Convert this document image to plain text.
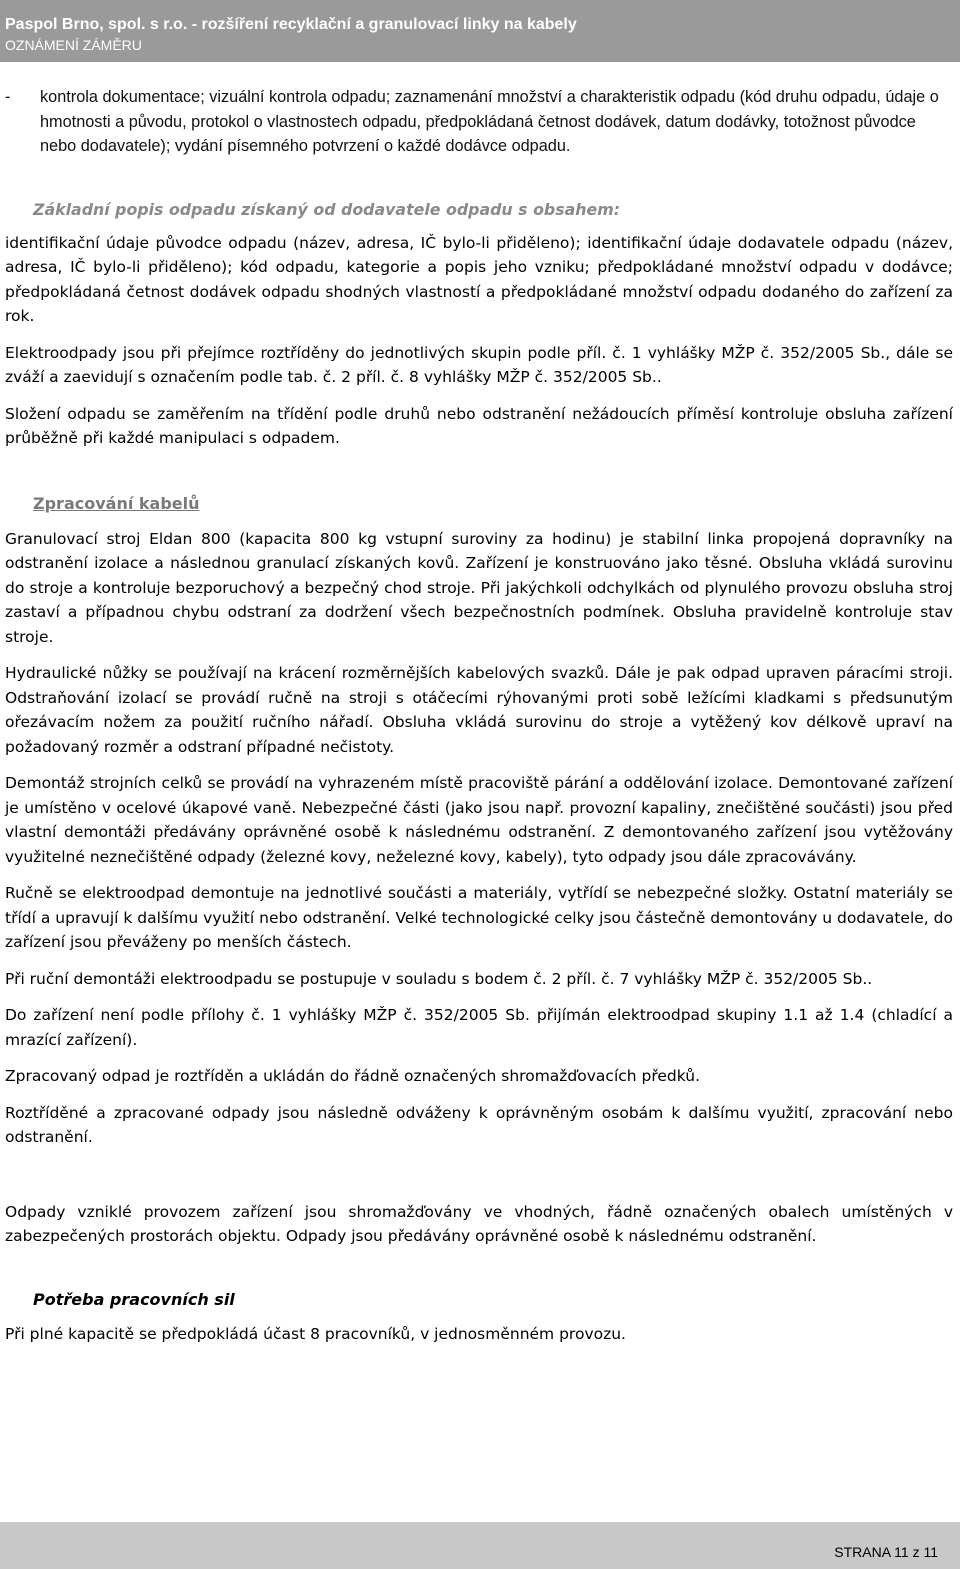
Paspol Brno, spol. s r.o. - rozšíření recyklační a granulovací linky na kabely
OZNÁMENÍ ZÁMĚRU
-	kontrola dokumentace; vizuální kontrola odpadu; zaznamenání množství a charakteristik odpadu (kód druhu odpadu, údaje o hmotnosti a původu, protokol o vlastnostech odpadu, předpokládaná četnost dodávek, datum dodávky, totožnost původce nebo dodavatele); vydání písemného potvrzení o každé dodávce odpadu.

Základní popis odpadu získaný od dodavatele odpadu s obsahem:

identifikační údaje původce odpadu (název, adresa, IČ bylo-li přiděleno); identifikační údaje dodavatele odpadu (název, adresa, IČ bylo-li přiděleno); kód odpadu, kategorie a popis jeho vzniku; předpokládané množství odpadu v dodávce; předpokládaná četnost dodávek odpadu shodných vlastností a předpokládané množství odpadu dodaného do zařízení za rok.

Elektroodpady jsou při přejímce roztříděny do jednotlivých skupin podle příl. č. 1 vyhlášky MŽP č. 352/2005 Sb., dále se zváží a zaevidují s označením podle tab. č. 2 příl. č. 8 vyhlášky MŽP č. 352/2005 Sb..

Složení odpadu se zaměřením na třídění podle druhů nebo odstranění nežádoucích příměsí kontroluje obsluha zařízení průběžně při každé manipulaci s odpadem.

Zpracování kabelů

Granulovací stroj Eldan 800 (kapacita 800 kg vstupní suroviny za hodinu) je stabilní linka propojená dopravníky na odstranění izolace a následnou granulací získaných kovů. Zařízení je konstruováno jako těsné. Obsluha vkládá surovinu do stroje a kontroluje bezporuchový a bezpečný chod stroje. Při jakýchkoli odchylkách od plynulého provozu obsluha stroj zastaví a případnou chybu odstraní za dodržení všech bezpečnostních podmínek. Obsluha pravidelně kontroluje stav stroje.

Hydraulické nůžky se používají na krácení rozměrnějších kabelových svazků. Dále je pak odpad upraven páracími stroji. Odstraňování izolací se provádí ručně na stroji s otáčecími rýhovanými proti sobě ležícími kladkami s předsunutým ořezávacím nožem za použití ručního nářadí. Obsluha vkládá surovinu do stroje a vytěžený kov délkově upraví na požadovaný rozměr a odstraní případné nečistoty.

Demontáž strojních celků se provádí na vyhrazeném místě pracoviště párání a oddělování izolace. Demontované zařízení je umístěno v ocelové úkapové vaně. Nebezpečné části (jako jsou např. provozní kapaliny, znečištěné součásti) jsou před vlastní demontáži předávány oprávněné osobě k následnému odstranění. Z demontovaného zařízení jsou vytěžovány využitelné neznečištěné odpady (železné kovy, neželezné kovy, kabely), tyto odpady jsou dále zpracovávány.

Ručně se elektroodpad demontuje na jednotlivé součásti a materiály, vytřídí se nebezpečné složky. Ostatní materiály se třídí a upravují k dalšímu využití nebo odstranění. Velké technologické celky jsou částečně demontovány u dodavatele, do zařízení jsou převáženy po menších částech.

Při ruční demontáži elektroodpadu se postupuje v souladu s bodem č. 2 příl. č. 7 vyhlášky MŽP č. 352/2005 Sb..

Do zařízení není podle přílohy č. 1 vyhlášky MŽP č. 352/2005 Sb. přijímán elektroodpad skupiny 1.1 až 1.4 (chladící a mrazící zařízení).

Zpracovaný odpad je roztříděn a ukládán do řádně označených shromažďovacích předků.

Roztříděné a zpracované odpady jsou následně odváženy k oprávněným osobám k dalšímu využití, zpracování nebo odstranění.

Odpady vzniklé provozem zařízení jsou shromažďovány ve vhodných, řádně označených obalech umístěných v zabezpečených prostorách objektu. Odpady jsou předávány oprávněné osobě k následnému odstranění.

Potřeba pracovních sil

Při plné kapacitě se předpokládá účast 8 pracovníků, v jednosměnném provozu.

STRANA 11 z 11
